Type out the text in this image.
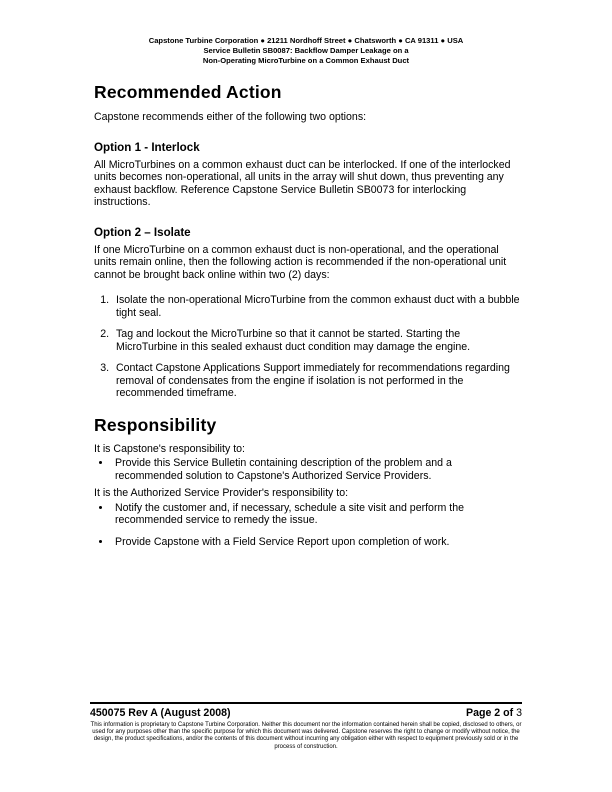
Capstone Turbine Corporation ● 21211 Nordhoff Street ● Chatsworth ● CA 91311 ● USA
Service Bulletin SB0087: Backflow Damper Leakage on a
Non-Operating MicroTurbine on a Common Exhaust Duct
Recommended Action

Capstone recommends either of the following two options:

Option 1 - Interlock

All MicroTurbines on a common exhaust duct can be interlocked. If one of the interlocked units becomes non-operational, all units in the array will shut down, thus preventing any exhaust backflow. Reference Capstone Service Bulletin SB0073 for interlocking instructions.

Option 2 – Isolate

If one MicroTurbine on a common exhaust duct is non-operational, and the operational units remain online, then the following action is recommended if the non-operational unit cannot be brought back online within two (2) days:

1. Isolate the non-operational MicroTurbine from the common exhaust duct with a bubble tight seal.
2. Tag and lockout the MicroTurbine so that it cannot be started. Starting the MicroTurbine in this sealed exhaust duct condition may damage the engine.
3. Contact Capstone Applications Support immediately for recommendations regarding removal of condensates from the engine if isolation is not performed in the recommended timeframe.
Responsibility

It is Capstone's responsibility to:

• Provide this Service Bulletin containing description of the problem and a recommended solution to Capstone's Authorized Service Providers.

It is the Authorized Service Provider's responsibility to:

• Notify the customer and, if necessary, schedule a site visit and perform the recommended service to remedy the issue.
• Provide Capstone with a Field Service Report upon completion of work.
450075 Rev A (August 2008)	Page 2 of 3
This information is proprietary to Capstone Turbine Corporation. Neither this document nor the information contained herein shall be copied, disclosed to others, or used for any purposes other than the specific purpose for which this document was delivered. Capstone reserves the right to change or modify without notice, the design, the product specifications, and/or the contents of this document without incurring any obligation either with respect to equipment previously sold or in the process of construction.
